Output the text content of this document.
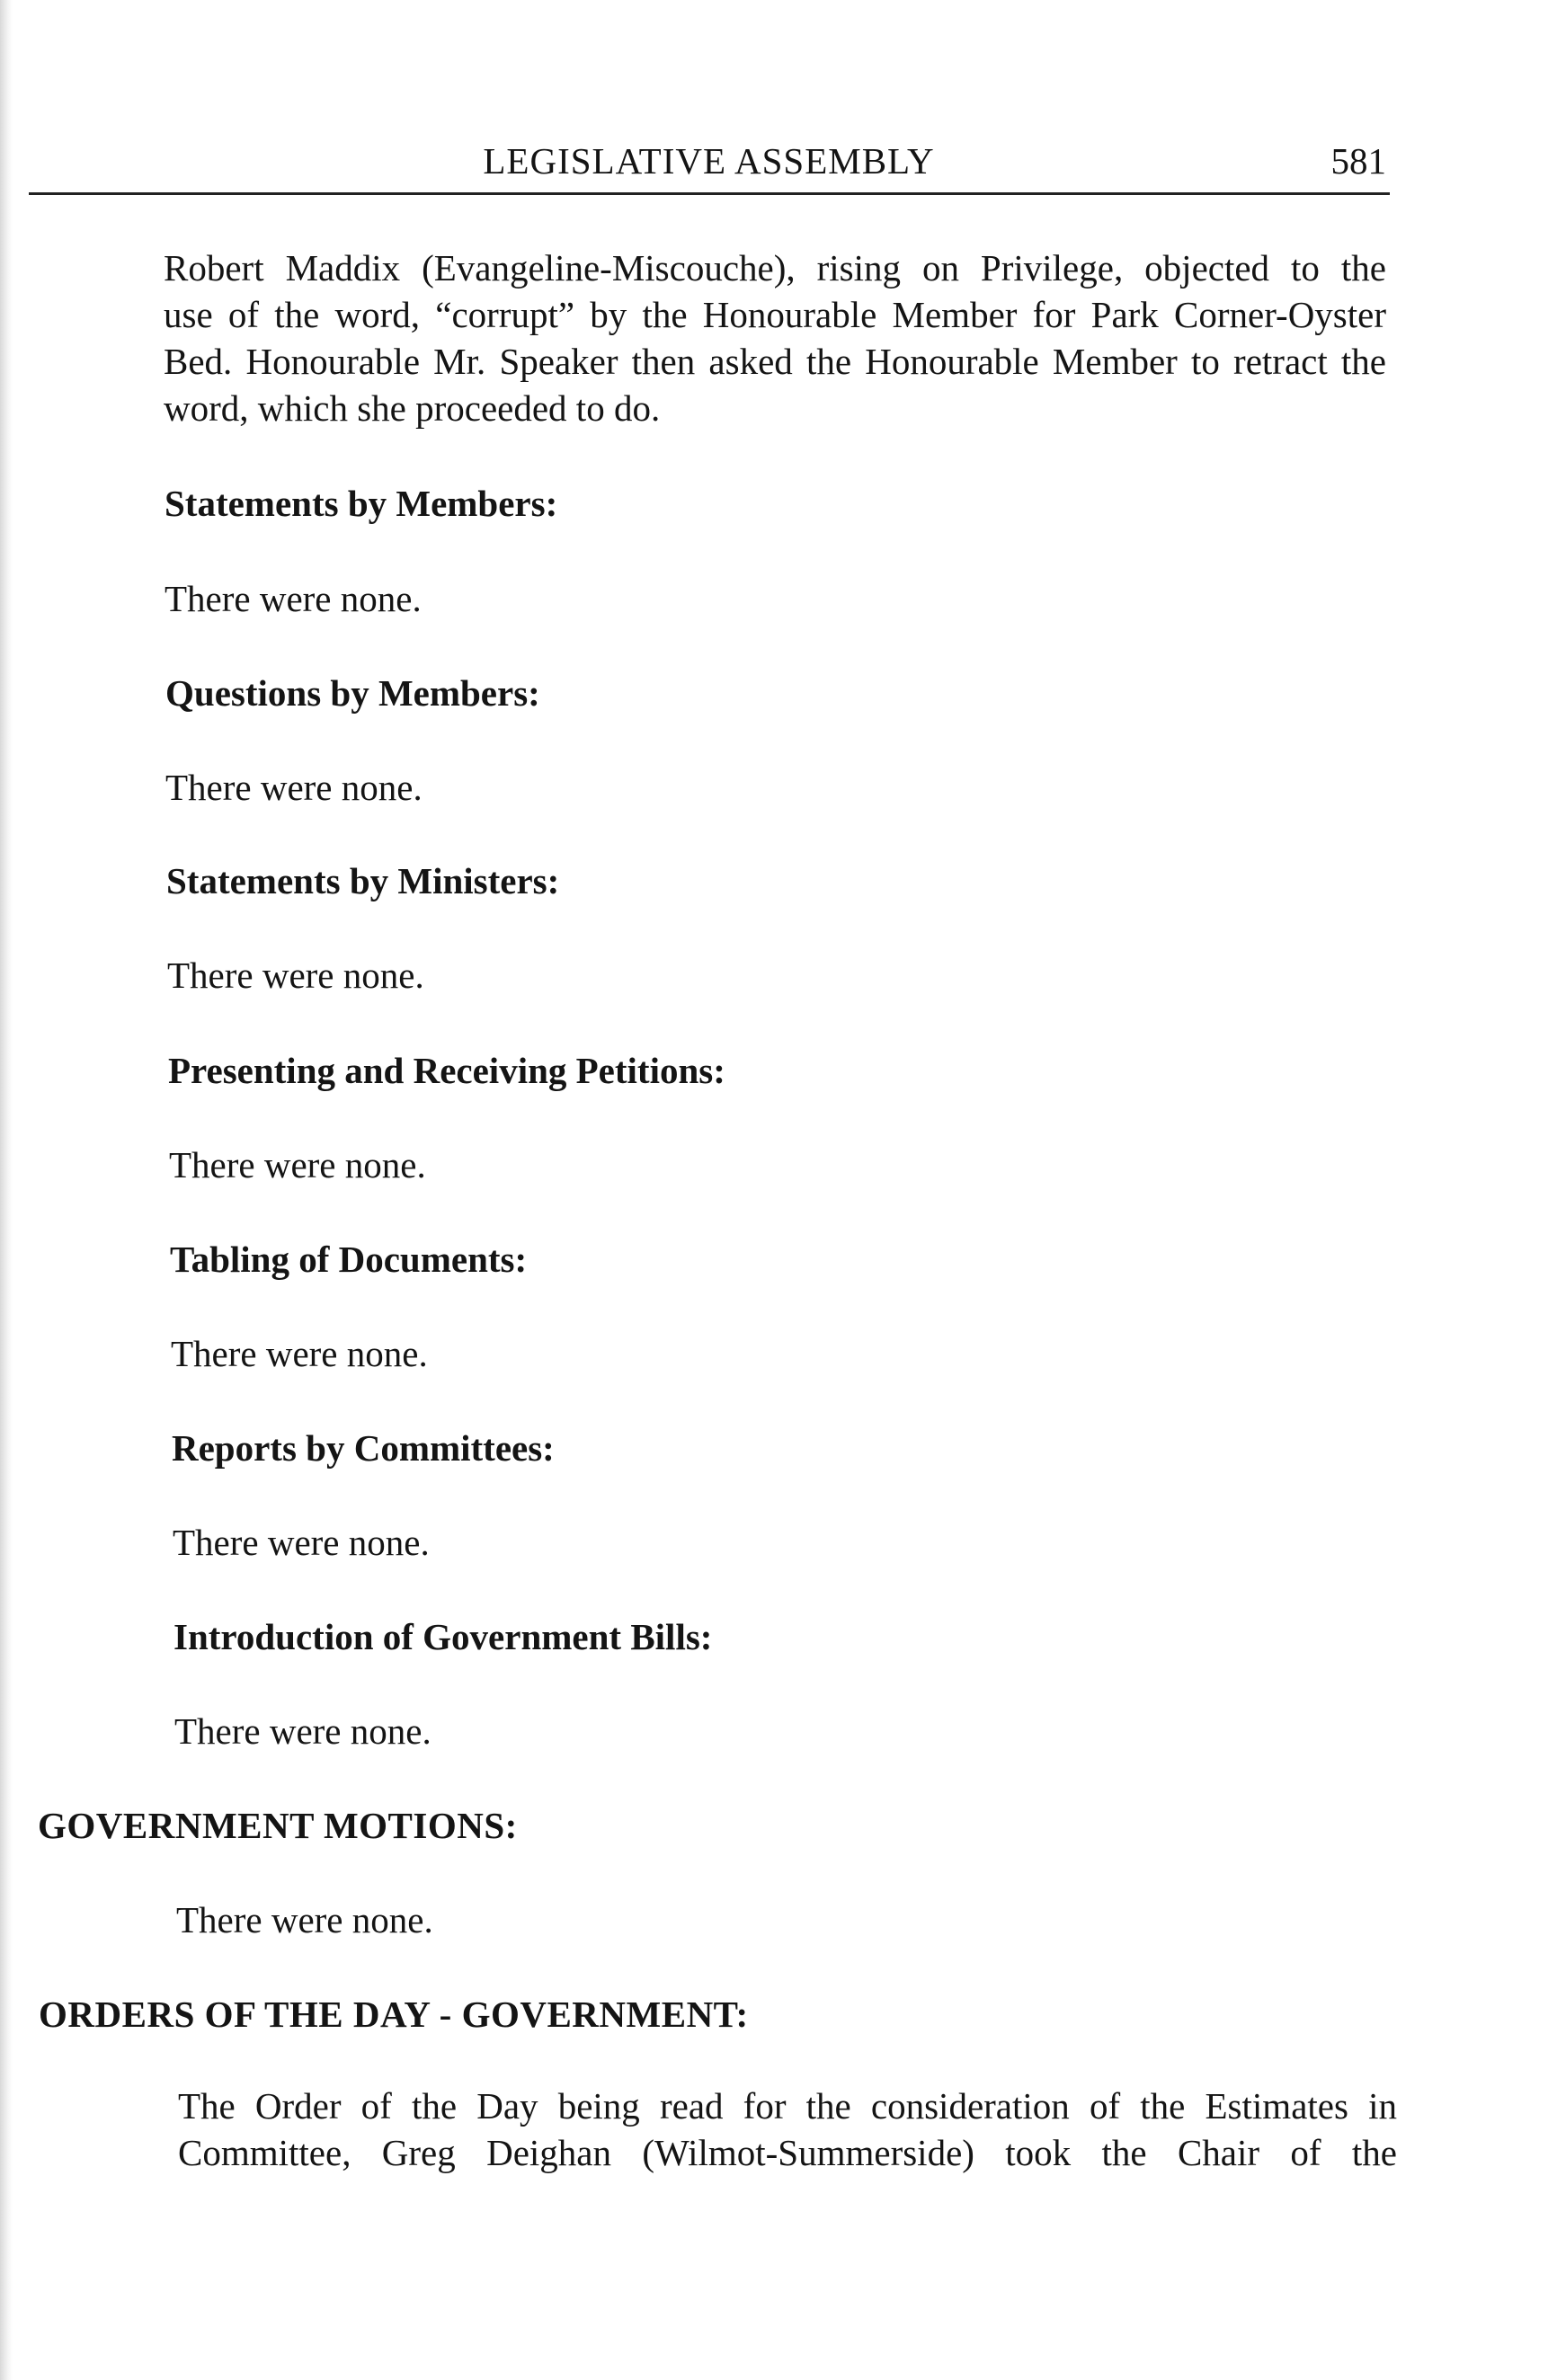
LEGISLATIVE ASSEMBLY	581

Robert Maddix (Evangeline-Miscouche), rising on Privilege, objected to the

use of the word, “corrupt” by the Honourable Member for Park Corner-Oyster

Bed. Honourable Mr. Speaker then asked the Honourable Member to retract the

word, which she proceeded to do.

Statements by Members:

There were none.

Questions by Members:

There were none.

Statements by Ministers:

There were none.

Presenting and Receiving Petitions:

There were none.

Tabling of Documents:

There were none.

Reports by Committees:

There were none.

Introduction of Government Bills:

There were none.

GOVERNMENT MOTIONS:

There were none.

ORDERS OF THE DAY - GOVERNMENT:

The Order of the Day being read for the consideration of the Estimates in

Committee, Greg Deighan (Wilmot-Summerside) took the Chair of the
